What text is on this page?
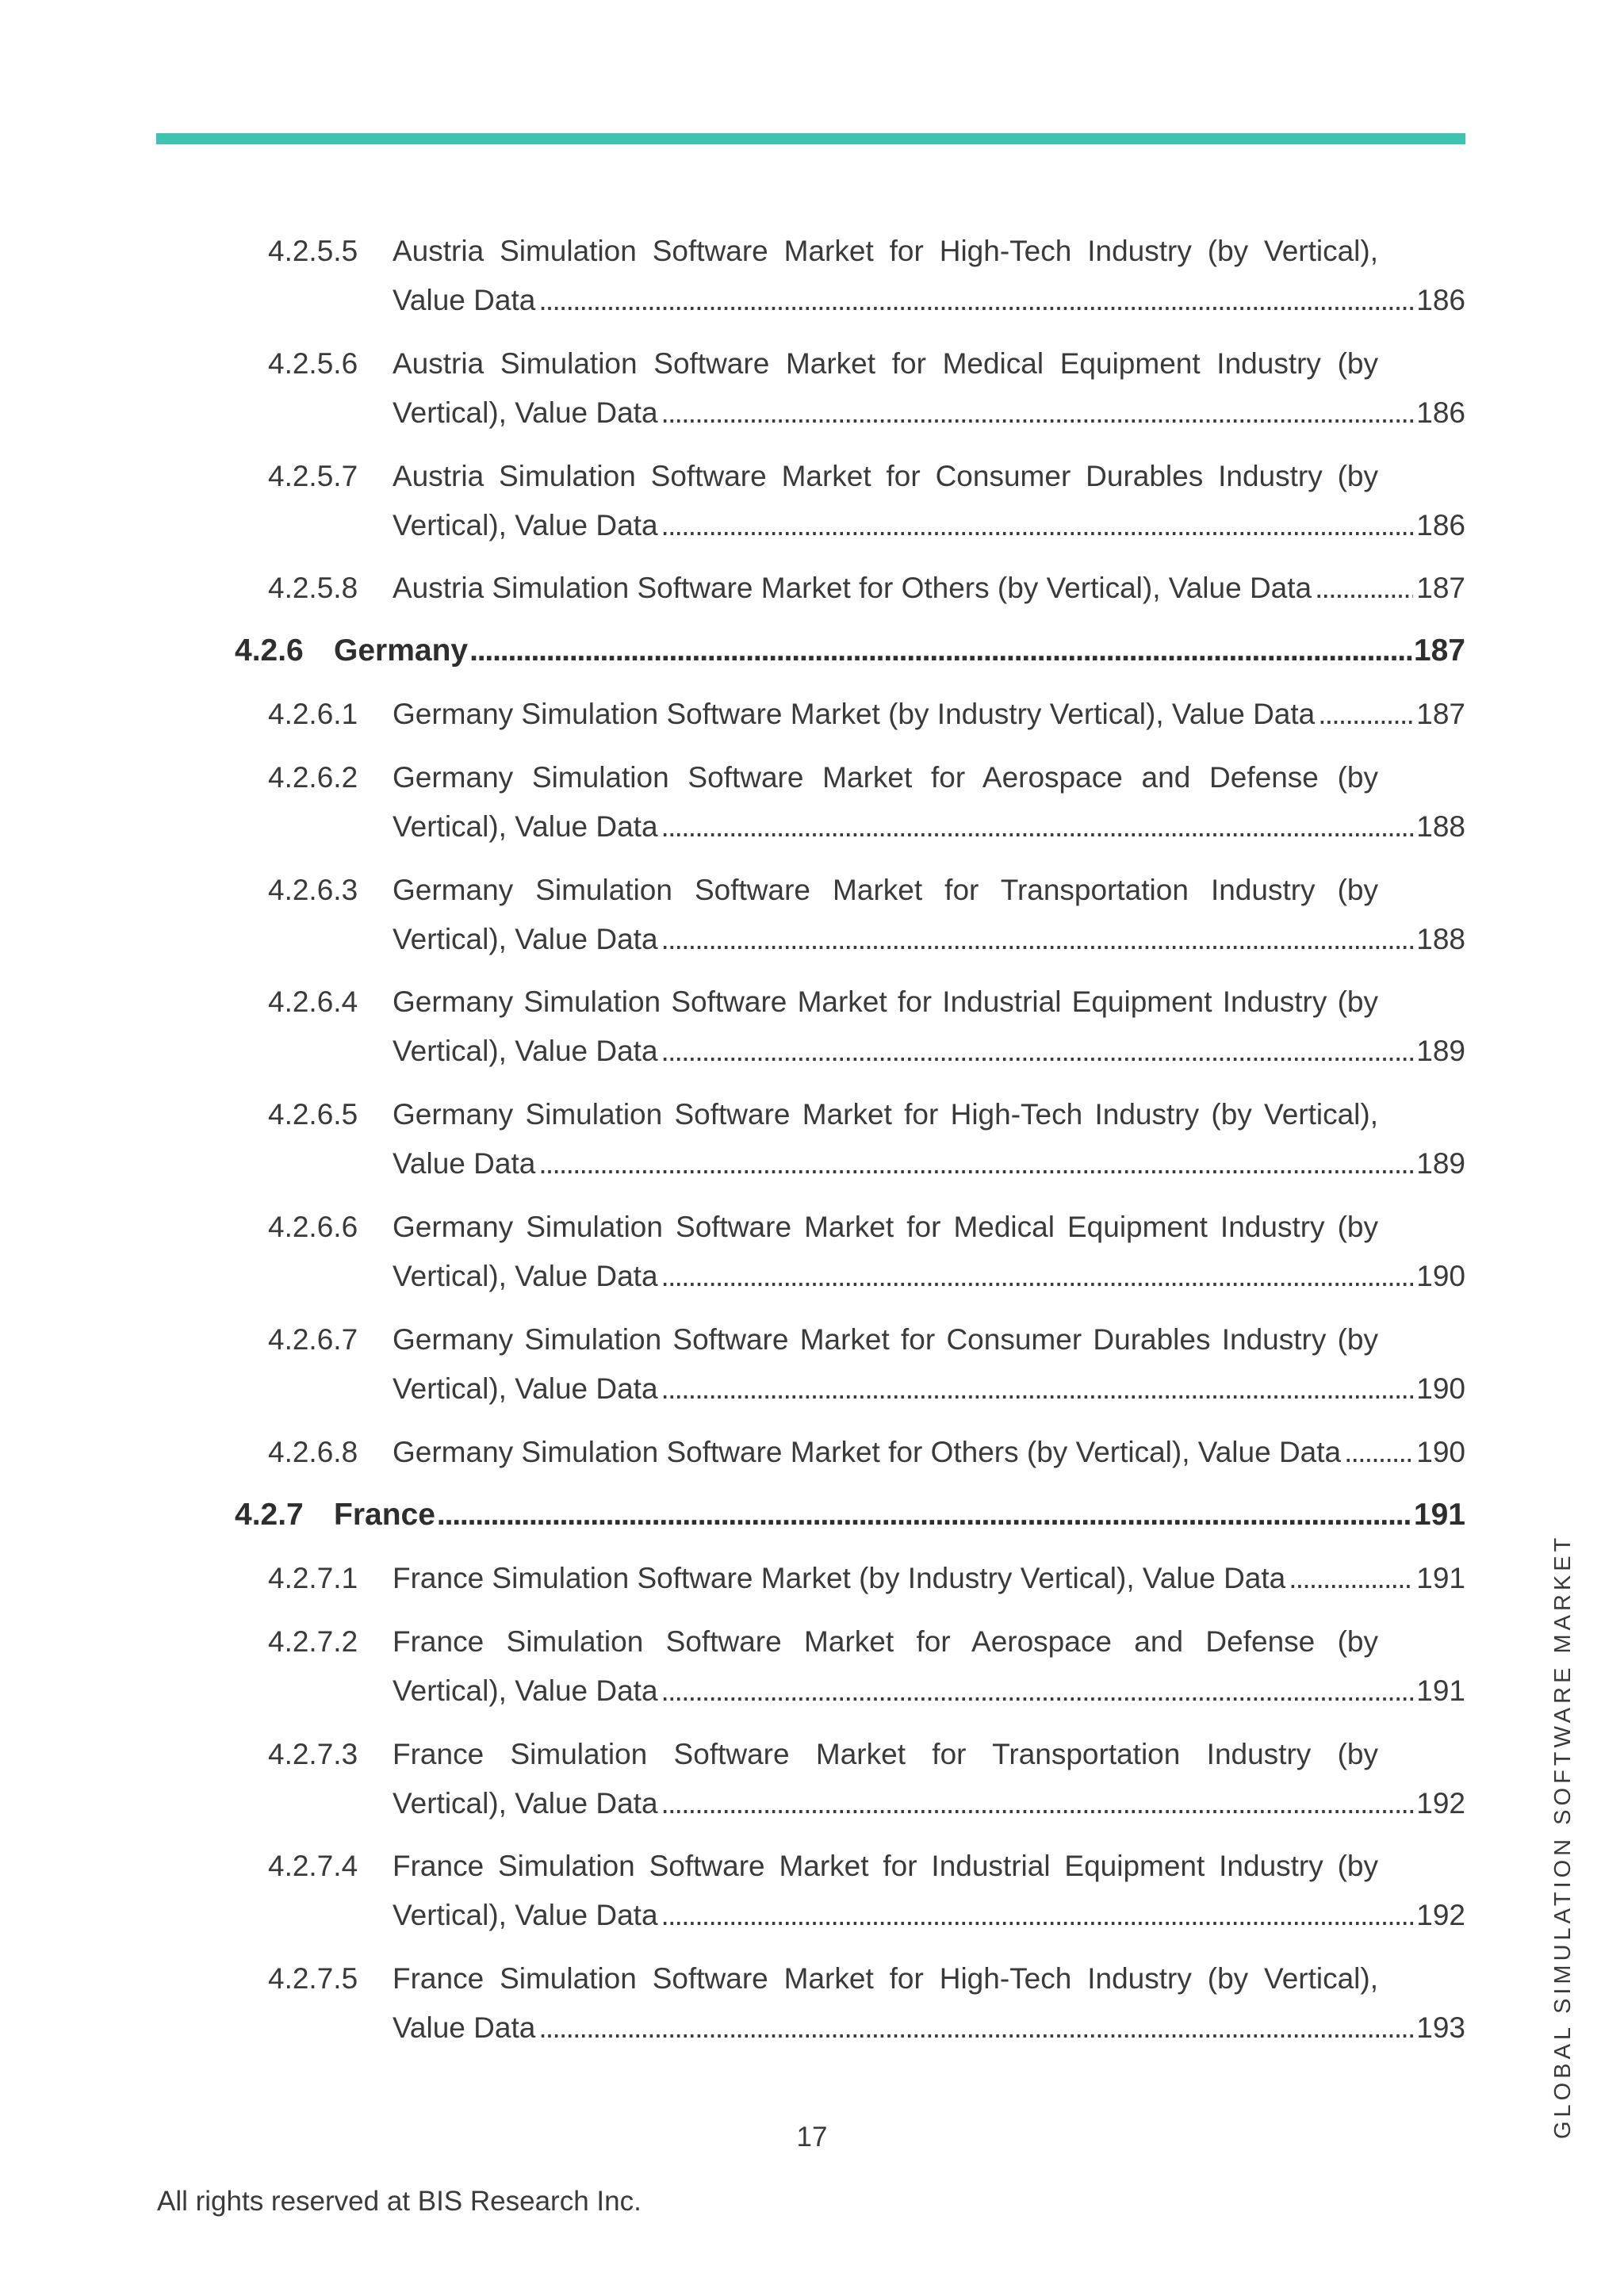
4.2.5.5 Austria Simulation Software Market for High-Tech Industry (by Vertical),
Value Data . . .	186
4.2.5.6 Austria Simulation Software Market for Medical Equipment Industry (by
Vertical), Value Data . . .	186
4.2.5.7 Austria Simulation Software Market for Consumer Durables Industry (by
Vertical), Value Data . . .	186
4.2.5.8 Austria Simulation Software Market for Others (by Vertical), Value Data . . .	187
4.2.6 Germany . . .	187
4.2.6.1 Germany Simulation Software Market (by Industry Vertical), Value Data . . .	187
4.2.6.2 Germany Simulation Software Market for Aerospace and Defense (by
Vertical), Value Data . . .	188
4.2.6.3 Germany Simulation Software Market for Transportation Industry (by
Vertical), Value Data . . .	188
4.2.6.4 Germany Simulation Software Market for Industrial Equipment Industry (by
Vertical), Value Data . . .	189
4.2.6.5 Germany Simulation Software Market for High-Tech Industry (by Vertical),
Value Data . . .	189
4.2.6.6 Germany Simulation Software Market for Medical Equipment Industry (by
Vertical), Value Data . . .	190
4.2.6.7 Germany Simulation Software Market for Consumer Durables Industry (by
Vertical), Value Data . . .	190
4.2.6.8 Germany Simulation Software Market for Others (by Vertical), Value Data . . .	190
4.2.7 France . . .	191
4.2.7.1 France Simulation Software Market (by Industry Vertical), Value Data . . .	191
4.2.7.2 France Simulation Software Market for Aerospace and Defense (by
Vertical), Value Data . . .	191
4.2.7.3 France Simulation Software Market for Transportation Industry (by
Vertical), Value Data . . .	192
4.2.7.4 France Simulation Software Market for Industrial Equipment Industry (by
Vertical), Value Data . . .	192
4.2.7.5 France Simulation Software Market for High-Tech Industry (by Vertical),
Value Data . . .	193
17
All rights reserved at BIS Research Inc.
GLOBAL SIMULATION SOFTWARE MARKET
